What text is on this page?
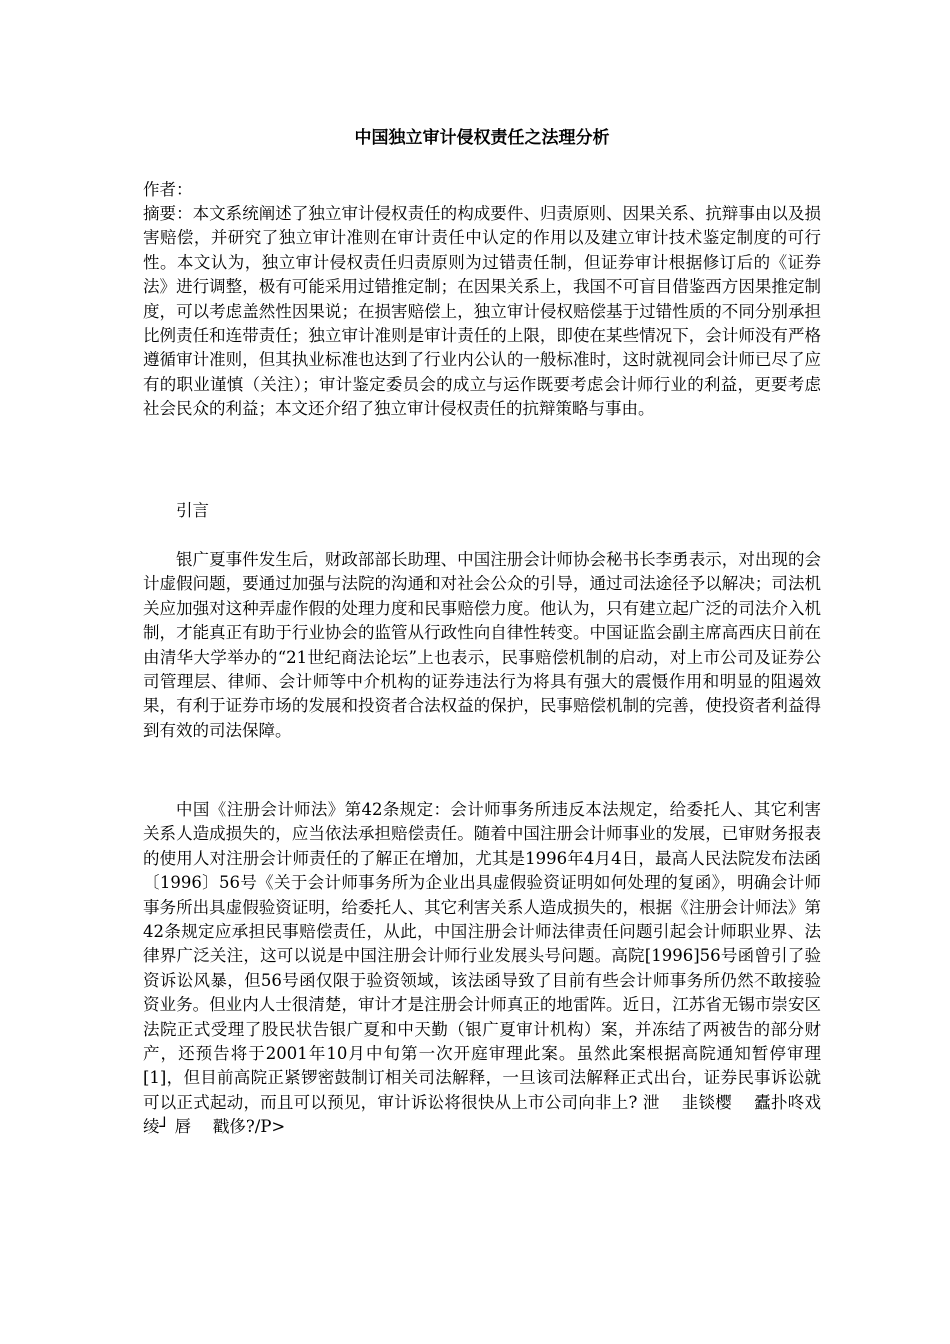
中国独立审计侵权责任之法理分析

作者：

摘要：本文系统阐述了独立审计侵权责任的构成要件、归责原则、因果关系、抗辩事由以及损害赔偿，并研究了独立审计准则在审计责任中认定的作用以及建立审计技术鉴定制度的可行性。本文认为，独立审计侵权责任归责原则为过错责任制，但证券审计根据修订后的《证券法》进行调整，极有可能采用过错推定制；在因果关系上，我国不可盲目借鉴西方因果推定制度，可以考虑盖然性因果说；在损害赔偿上，独立审计侵权赔偿基于过错性质的不同分别承担比例责任和连带责任；独立审计准则是审计责任的上限，即使在某些情况下，会计师没有严格遵循审计准则，但其执业标准也达到了行业内公认的一般标准时，这时就视同会计师已尽了应有的职业谨慎（关注）；审计鉴定委员会的成立与运作既要考虑会计师行业的利益，更要考虑社会民众的利益；本文还介绍了独立审计侵权责任的抗辩策略与事由。

引言

银广夏事件发生后，财政部部长助理、中国注册会计师协会秘书长李勇表示，对出现的会计虚假问题，要通过加强与法院的沟通和对社会公众的引导，通过司法途径予以解决；司法机关应加强对这种弄虚作假的处理力度和民事赔偿力度。他认为，只有建立起广泛的司法介入机制，才能真正有助于行业协会的监管从行政性向自律性转变。中国证监会副主席高西庆日前在由清华大学举办的“21世纪商法论坛”上也表示，民事赔偿机制的启动，对上市公司及证券公司管理层、律师、会计师等中介机构的证券违法行为将具有强大的震慑作用和明显的阻遏效果，有利于证券市场的发展和投资者合法权益的保护，民事赔偿机制的完善，使投资者利益得到有效的司法保障。

中国《注册会计师法》第42条规定：会计师事务所违反本法规定，给委托人、其它利害关系人造成损失的，应当依法承担赔偿责任。随着中国注册会计师事业的发展，已审财务报表的使用人对注册会计师责任的了解正在增加，尤其是1996年4月4日，最高人民法院发布法函〔1996〕56号《关于会计师事务所为企业出具虚假验资证明如何处理的复函》，明确会计师事务所出具虚假验资证明，给委托人、其它利害关系人造成损失的，根据《注册会计师法》第42条规定应承担民事赔偿责任，从此，中国注册会计师法律责任问题引起会计师职业界、法律界广泛关注，这可以说是中国注册会计师行业发展头号问题。高院[1996]56号函曾引了验资诉讼风暴，但56号函仅限于验资领域，该法函导致了目前有些会计师事务所仍然不敢接验资业务。但业内人士很清楚，审计才是注册会计师真正的地雷阵。近日，江苏省无锡市崇安区法院正式受理了股民状告银广夏和中天勤（银广夏审计机构）案，并冻结了两被告的部分财产，还预告将于2001年10月中旬第一次开庭审理此案。虽然此案根据高院通知暂停审理[1]，但目前高院正紧锣密鼓制订相关司法解释，一旦该司法解释正式出台，证券民事诉讼就可以正式起动，而且可以预见，审计诉讼将很快从上市公司向非上? 泄　 韭锬樱　 蠹扑咚戏绫┘ 唇　 戳侈?/P>
